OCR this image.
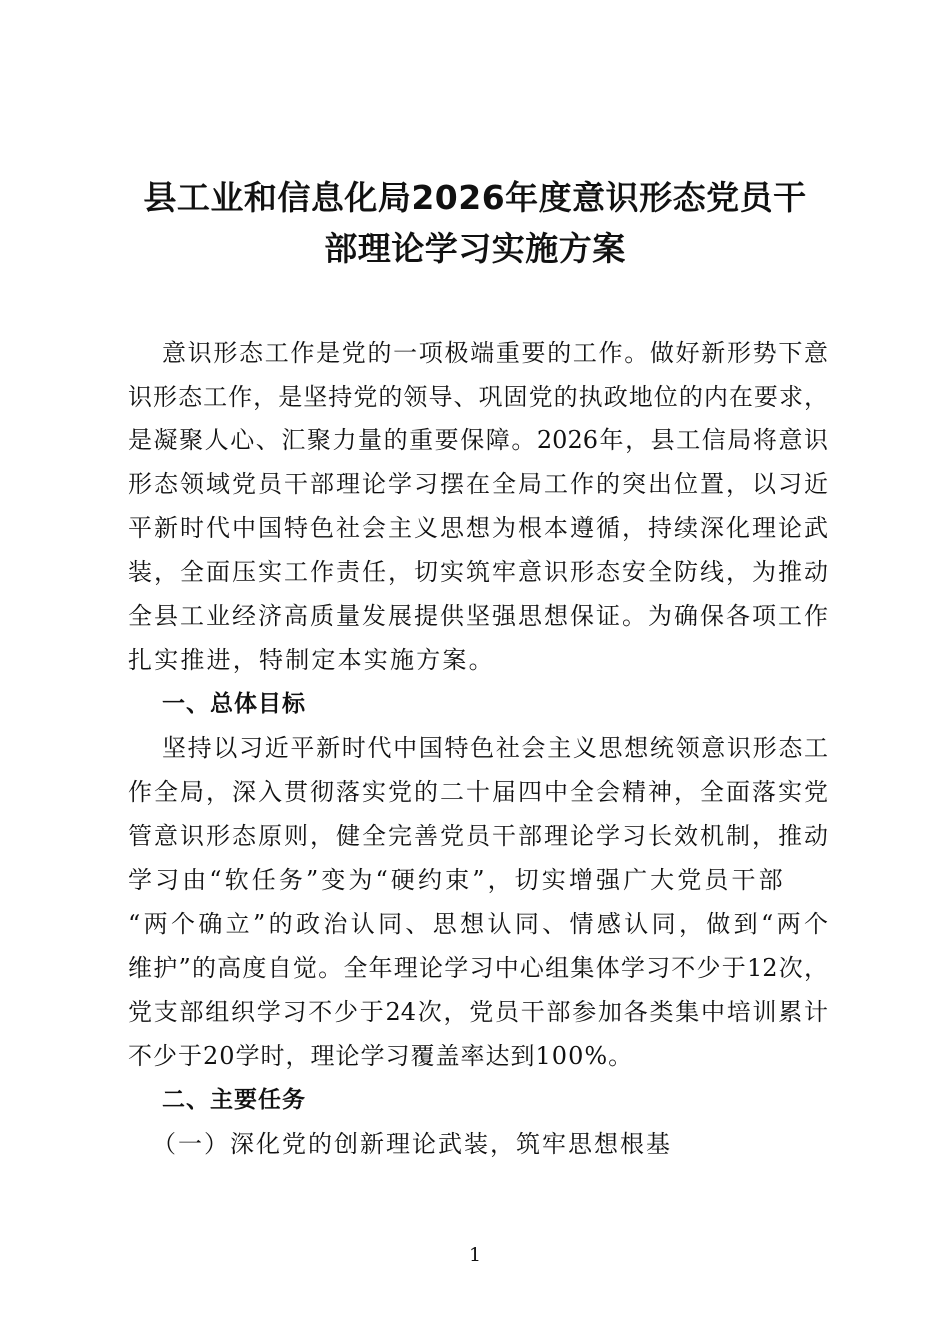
县工业和信息化局2026年度意识形态党员干
部理论学习实施方案
意识形态工作是党的一项极端重要的工作。做好新形势下意
识形态工作，是坚持党的领导、巩固党的执政地位的内在要求，
是凝聚人心、汇聚力量的重要保障。2026年，县工信局将意识
形态领域党员干部理论学习摆在全局工作的突出位置，以习近
平新时代中国特色社会主义思想为根本遵循，持续深化理论武
装，全面压实工作责任，切实筑牢意识形态安全防线，为推动
全县工业经济高质量发展提供坚强思想保证。为确保各项工作
扎实推进，特制定本实施方案。
一、总体目标
坚持以习近平新时代中国特色社会主义思想统领意识形态工
作全局，深入贯彻落实党的二十届四中全会精神，全面落实党
管意识形态原则，健全完善党员干部理论学习长效机制，推动
学习由“软任务”变为“硬约束”，切实增强广大党员干部
“两个确立”的政治认同、思想认同、情感认同，做到“两个
维护”的高度自觉。全年理论学习中心组集体学习不少于12次，
党支部组织学习不少于24次，党员干部参加各类集中培训累计
不少于20学时，理论学习覆盖率达到100%。
二、主要任务
（一）深化党的创新理论武装，筑牢思想根基
1
